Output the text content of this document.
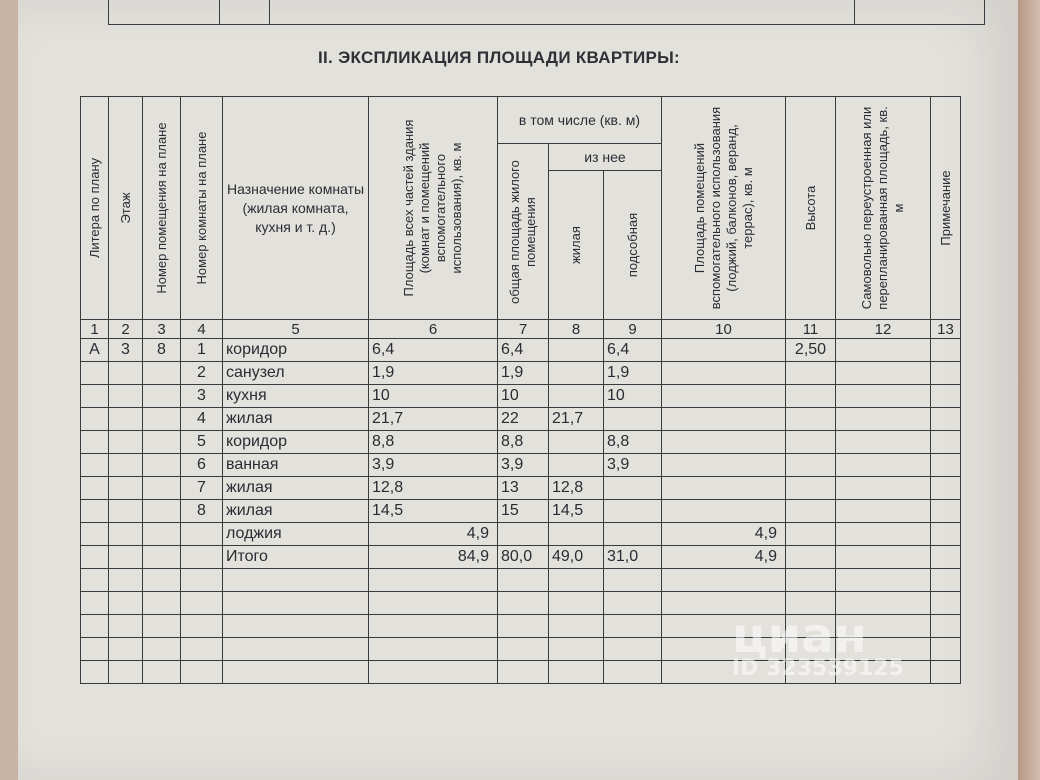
II. ЭКСПЛИКАЦИЯ ПЛОЩАДИ КВАРТИРЫ:
Литера по плану	Этаж	Номер помещения на плане	Номер комнаты на плане	Назначение комнаты (жилая комната, кухня и т. д.)	Площадь всех частей здания (комнат и помещений вспомогательного использования), кв. м	в том числе (кв. м)			Площадь помещений вспомогательного использования (лоджий, балконов, веранд, террас), кв. м	Высота	Самовольно переустроенная или перепланированная площадь, кв. м	Примечание

						общая площадь жилого помещения	из нее					

							жилая	подсобная				

1	2	3	4	5	6	7	8	9	10	11	12	13
А	3	8	1	коридор	6,4	6,4		6,4		2,50		
			2	санузел	1,9	1,9		1,9				
			3	кухня	10	10		10				
			4	жилая	21,7	22	21,7					
			5	коридор	8,8	8,8		8,8				
			6	ванная	3,9	3,9		3,9				
			7	жилая	12,8	13	12,8					
			8	жилая	14,5	15	14,5					
				лоджия	4,9				4,9			
				Итого	84,9	80,0	49,0	31,0	4,9			

циан
ID 323539125
